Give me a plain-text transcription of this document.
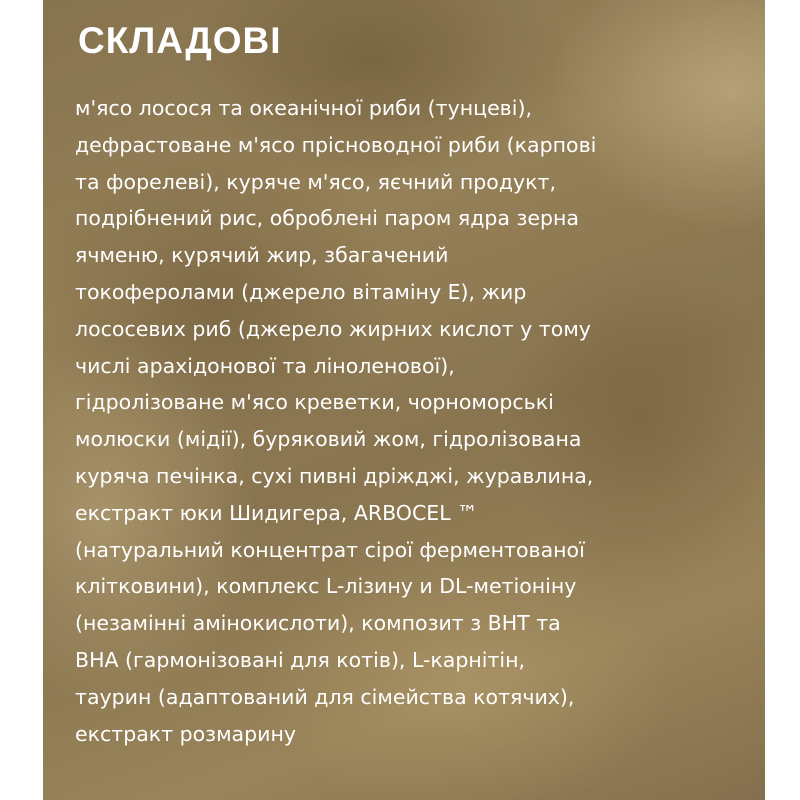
СКЛАДОВІ

м'ясо лосося та океанічної риби (тунцеві),
дефрастоване м'ясо прісноводної риби (карпові
та форелеві), куряче м'ясо, яєчний продукт,
подрібнений рис, оброблені паром ядра зерна
ячменю, курячий жир, збагачений
токоферолами (джерело вітаміну Е), жир
лососевих риб (джерело жирних кислот у тому
числі арахідонової та ліноленової),
гідролізоване м'ясо креветки, чорноморські
молюски (мідії), буряковий жом, гідролізована
куряча печінка, сухі пивні дріжджі, журавлина,
екстракт юки Шидигера, ARBOCEL ™
(натуральний концентрат сірої ферментованої
клітковини), комплекс L-лізину и DL-метіоніну
(незамінні амінокислоти), композит з ВНТ та
ВНА (гармонізовані для котів), L-карнітін,
таурин (адаптований для сімейства котячих),
екстракт розмарину
